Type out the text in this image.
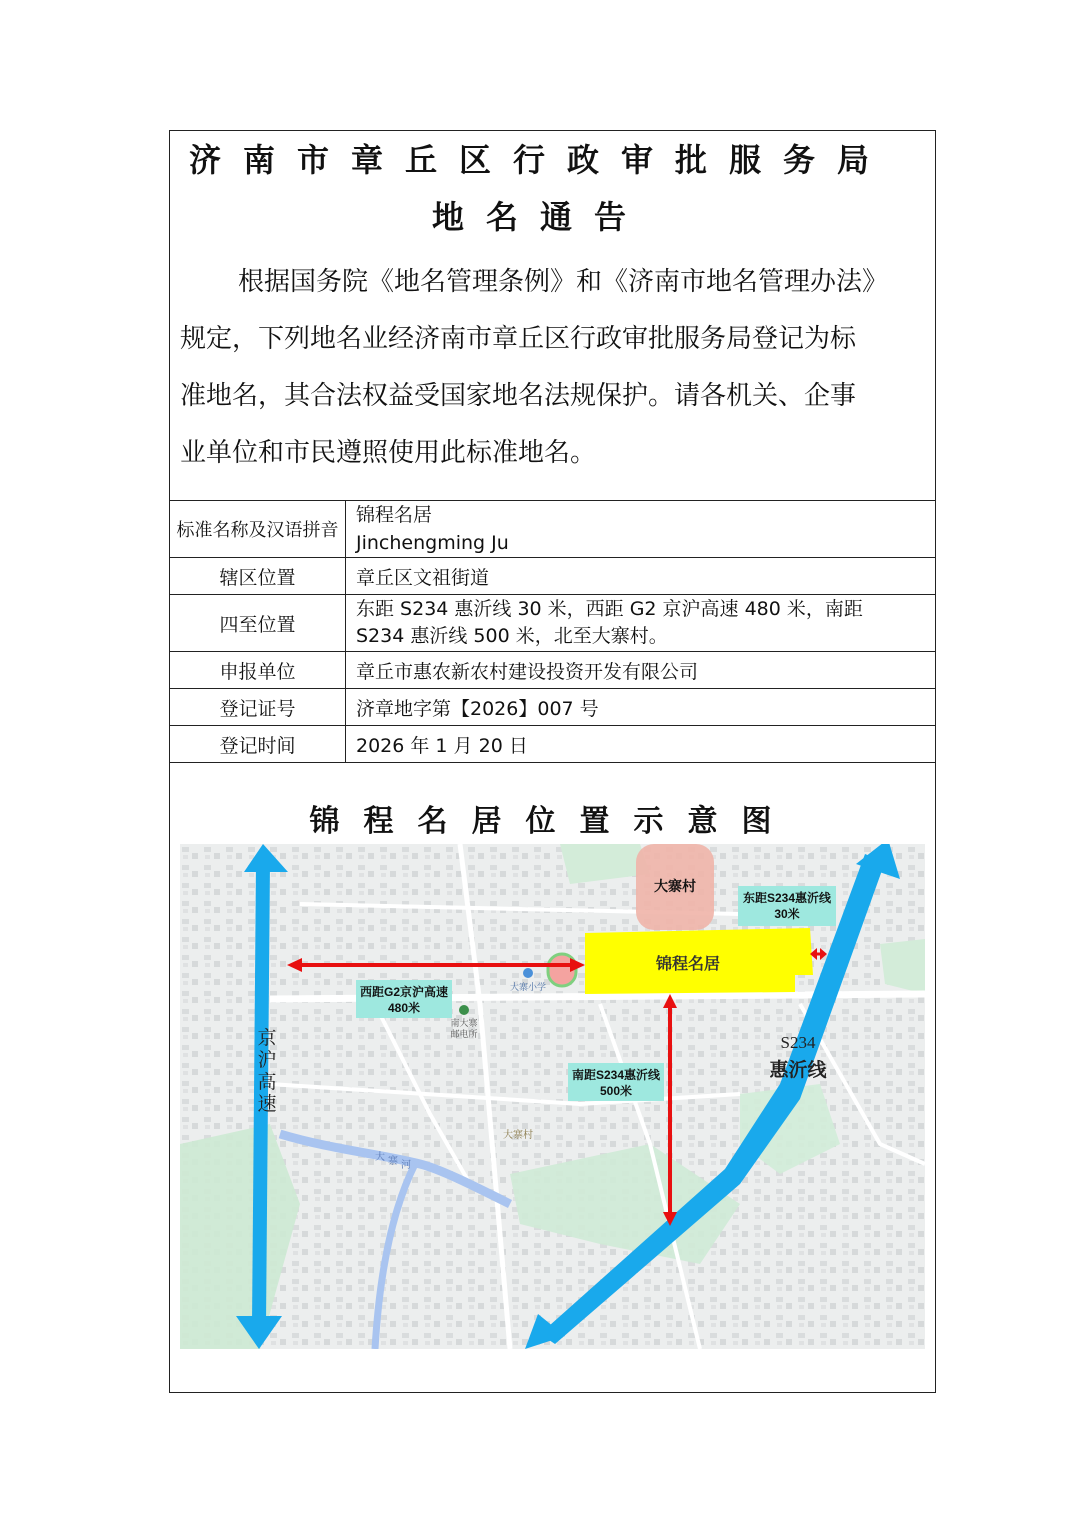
济南市章丘区行政审批服务局
地名通告
根据国务院《地名管理条例》和《济南市地名管理办法》
规定，下列地名业经济南市章丘区行政审批服务局登记为标
准地名，其合法权益受国家地名法规保护。请各机关、企事
业单位和市民遵照使用此标准地名。
标准名称及汉语拼音	锦程名居
Jinchengming Ju

辖区位置	章丘区文祖街道
四至位置	东距 S234 惠沂线 30 米，西距 G2 京沪高速 480 米，南距
S234 惠沂线 500 米，北至大寨村。

申报单位	章丘市惠农新农村建设投资开发有限公司
登记证号	济章地字第【2026】007 号
登记时间	2026 年 1 月 20 日
锦程名居位置示意图
大寨村
锦程名居
东距S234惠沂线
30米
西距G2京沪高速
480米
南距S234惠沂线
500米
S234
惠沂线
京
沪
高
速
大寨小学
南大寨
邮电所
大寨村
大 寨 河
